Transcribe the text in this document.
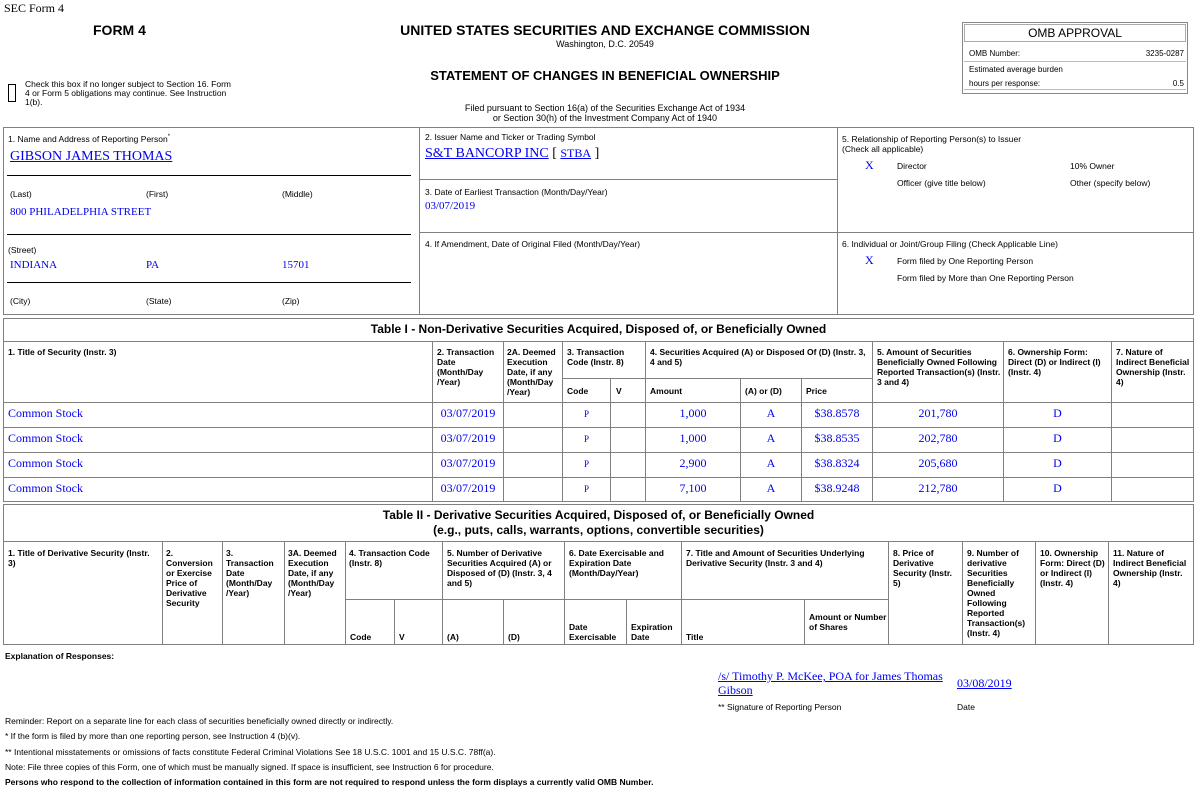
SEC Form 4
FORM 4	UNITED STATES SECURITIES AND EXCHANGE COMMISSION
Washington, D.C. 20549
STATEMENT OF CHANGES IN BENEFICIAL OWNERSHIP
Filed pursuant to Section 16(a) of the Securities Exchange Act of 1934
or Section 30(h) of the Investment Company Act of 1940
Check this box if no longer subject to Section 16. Form
4 or Form 5 obligations may continue. See Instruction
1(b).
OMB APPROVAL
OMB Number:	3235-0287
Estimated average burden
hours per response:	0.5
1. Name and Address of Reporting Person*
GIBSON JAMES THOMAS
(Last)	(First)	(Middle)
800 PHILADELPHIA STREET
(Street)
INDIANA	PA	15701
(City)	(State)	(Zip)
2. Issuer Name and Ticker or Trading Symbol
S&T BANCORP INC [ STBA ]
3. Date of Earliest Transaction (Month/Day/Year)
03/07/2019
4. If Amendment, Date of Original Filed (Month/Day/Year)
5. Relationship of Reporting Person(s) to Issuer
(Check all applicable)
X	Director	10% Owner
Officer (give title below)	Other (specify below)
6. Individual or Joint/Group Filing (Check Applicable Line)
X	Form filed by One Reporting Person
Form filed by More than One Reporting Person
Table I - Non-Derivative Securities Acquired, Disposed of, or Beneficially Owned
1. Title of Security (Instr. 3)	2. Transaction Date (Month/Day /Year)
2A. Deemed Execution Date, if any (Month/Day /Year)
3. Transaction Code (Instr. 8)
4. Securities Acquired (A) or Disposed Of (D) (Instr. 3, 4 and 5)
5. Amount of Securities Beneficially Owned Following Reported Transaction(s) (Instr. 3 and 4)
6. Ownership Form: Direct (D) or Indirect (I) (Instr. 4)
7. Nature of Indirect Beneficial Ownership (Instr. 4)
Code	V	Amount	(A) or (D)	Price
Common Stock	03/07/2019	P	1,000	A	$38.8578	201,780	D
Common Stock	03/07/2019	P	1,000	A	$38.8535	202,780	D
Common Stock	03/07/2019	P	2,900	A	$38.8324	205,680	D
Common Stock	03/07/2019	P	7,100	A	$38.9248	212,780	D
Table II - Derivative Securities Acquired, Disposed of, or Beneficially Owned
(e.g., puts, calls, warrants, options, convertible securities)
1. Title of Derivative Security (Instr. 3)
2. Conversion or Exercise Price of Derivative Security
3. Transaction Date (Month/Day /Year)
3A. Deemed Execution Date, if any (Month/Day /Year)
4. Transaction Code (Instr. 8)
5. Number of Derivative Securities Acquired (A) or Disposed of (D) (Instr. 3, 4 and 5)
6. Date Exercisable and Expiration Date (Month/Day/Year)
7. Title and Amount of Securities Underlying Derivative Security (Instr. 3 and 4)
8. Price of Derivative Security (Instr. 5)
9. Number of derivative Securities Beneficially Owned Following Reported Transaction(s) (Instr. 4)
10. Ownership Form: Direct (D) or Indirect (I) (Instr. 4)
11. Nature of Indirect Beneficial Ownership (Instr. 4)
Code	V	(A)	(D)
Date Exercisable
Expiration Date	Title
Amount or Number of Shares
Explanation of Responses:
/s/ Timothy P. McKee, POA for James Thomas Gibson	03/08/2019
** Signature of Reporting Person	Date
Reminder: Report on a separate line for each class of securities beneficially owned directly or indirectly.
* If the form is filed by more than one reporting person, see Instruction 4 (b)(v).
** Intentional misstatements or omissions of facts constitute Federal Criminal Violations See 18 U.S.C. 1001 and 15 U.S.C. 78ff(a).
Note: File three copies of this Form, one of which must be manually signed. If space is insufficient, see Instruction 6 for procedure.
Persons who respond to the collection of information contained in this form are not required to respond unless the form displays a currently valid OMB Number.
